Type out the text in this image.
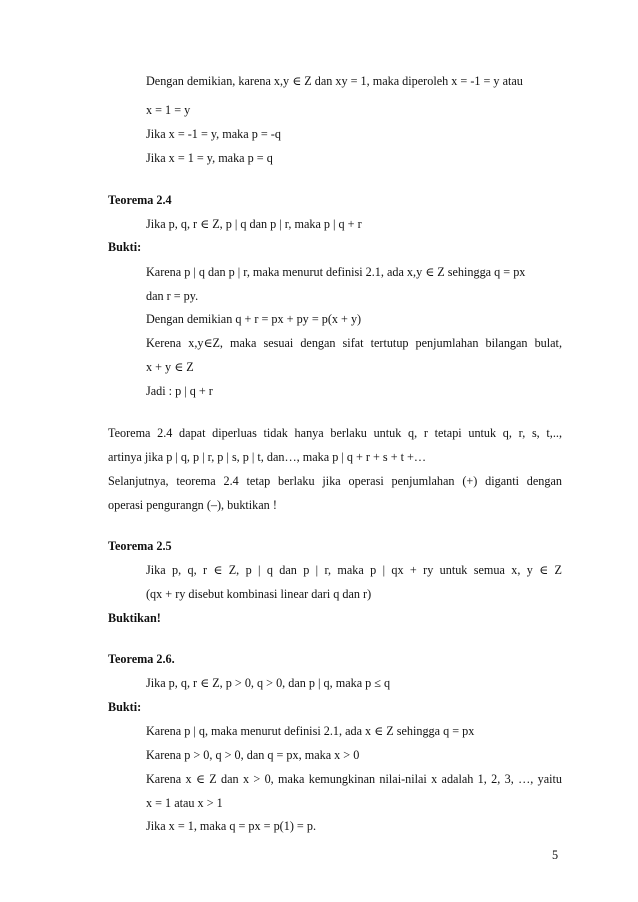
Dengan demikian, karena x,y ∈ Z dan xy = 1, maka diperoleh x = -1 = y atau
x = 1 = y
Jika x = -1 = y, maka p = -q
Jika x = 1 = y, maka p = q
Teorema 2.4
Jika p, q, r ∈ Z, p | q dan p | r, maka p | q + r
Bukti:
Karena p | q dan p | r, maka menurut definisi 2.1, ada x,y ∈ Z sehingga q = px
dan r = py.
Dengan demikian q + r = px + py = p(x + y)
Kerena x,y∈Z, maka sesuai dengan sifat tertutup penjumlahan bilangan bulat,
x + y ∈ Z
Jadi : p | q + r
Teorema 2.4 dapat diperluas tidak hanya berlaku untuk q, r tetapi untuk q, r, s, t,..,
artinya jika p | q, p | r, p | s, p | t, dan…, maka p | q + r + s + t +…
Selanjutnya, teorema 2.4 tetap berlaku jika operasi penjumlahan (+) diganti dengan
operasi pengurangn (–), buktikan !
Teorema 2.5
Jika p, q, r ∈ Z, p | q dan p | r, maka p | qx + ry untuk semua x, y ∈ Z
(qx + ry disebut kombinasi linear dari q dan r)
Buktikan!
Teorema 2.6.
Jika p, q, r ∈ Z, p > 0, q > 0, dan p | q, maka p ≤ q
Bukti:
Karena p | q, maka menurut definisi 2.1, ada x ∈ Z sehingga q = px
Karena p > 0, q > 0, dan q = px, maka x > 0
Karena x ∈ Z dan x > 0, maka kemungkinan nilai-nilai x adalah 1, 2, 3, …, yaitu
x = 1 atau x > 1
Jika x = 1, maka q = px = p(1) = p.
5
